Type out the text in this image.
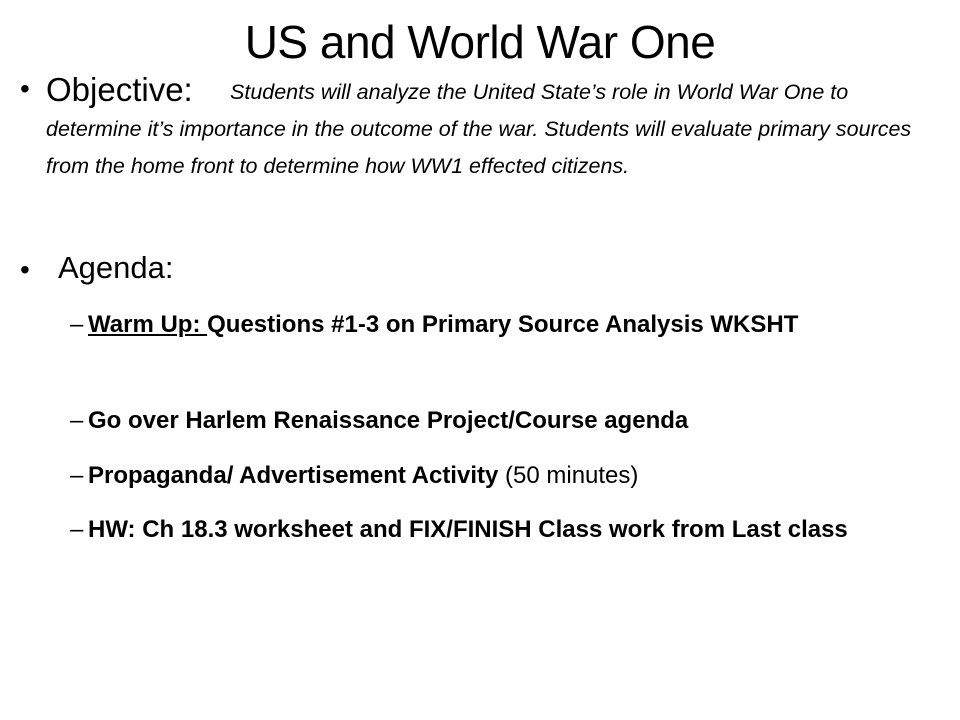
US and World War One
• Objective:	Students will analyze the United State’s role in World War One to determine it’s importance in the outcome of the war. Students will evaluate primary sources from the home front to determine how WW1 effected citizens.
• Agenda:
– Warm Up: Questions #1-3 on Primary Source Analysis WKSHT
– Go over Harlem Renaissance Project/Course agenda
– Propaganda/ Advertisement Activity (50 minutes)
– HW: Ch 18.3 worksheet and FIX/FINISH Class work from Last class
